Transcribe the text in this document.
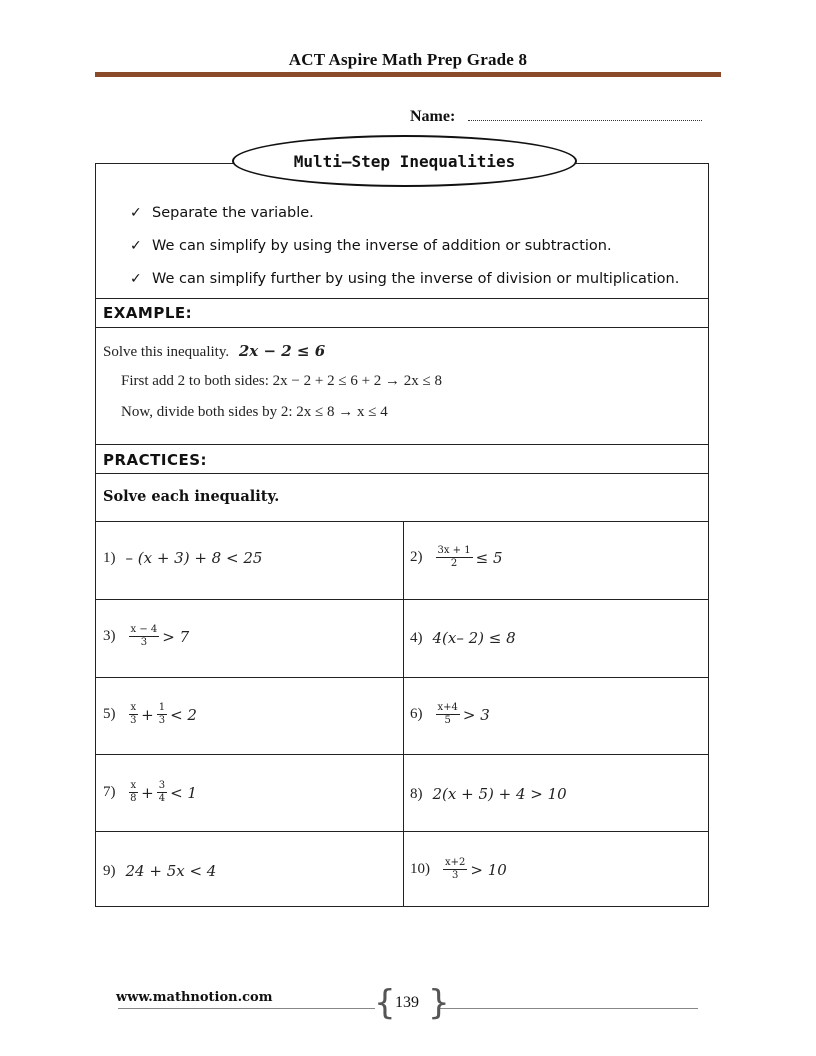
ACT Aspire Math Prep Grade 8
Name:
Multi–Step Inequalities
✓ Separate the variable.
✓ We can simplify by using the inverse of addition or subtraction.
✓ We can simplify further by using the inverse of division or multiplication.
EXAMPLE:
Solve this inequality. 2x − 2 ≤ 6
First add 2 to both sides: 2x − 2 + 2 ≤ 6 + 2 → 2x ≤ 8
Now, divide both sides by 2: 2x ≤ 8 → x ≤ 4
PRACTICES:
Solve each inequality.
1) – (x + 3) + 8 < 25	$2) \frac{3x + 1}{2} \le 5$
$3) \frac{x - 4}{3} > 7$	4) 4(x– 2) ≤ 8
$5) \frac{x}{3} + \frac{1}{3} < 2$	$6) \frac{x+4}{5} > 3$
$7) \frac{x}{8} + \frac{3}{4} < 1$	8) 2(x + 5) + 4 > 10
9) 24 + 5x < 4	$10) \frac{x+2}{3} > 10$
www.mathnotion.com	{ 139 }
